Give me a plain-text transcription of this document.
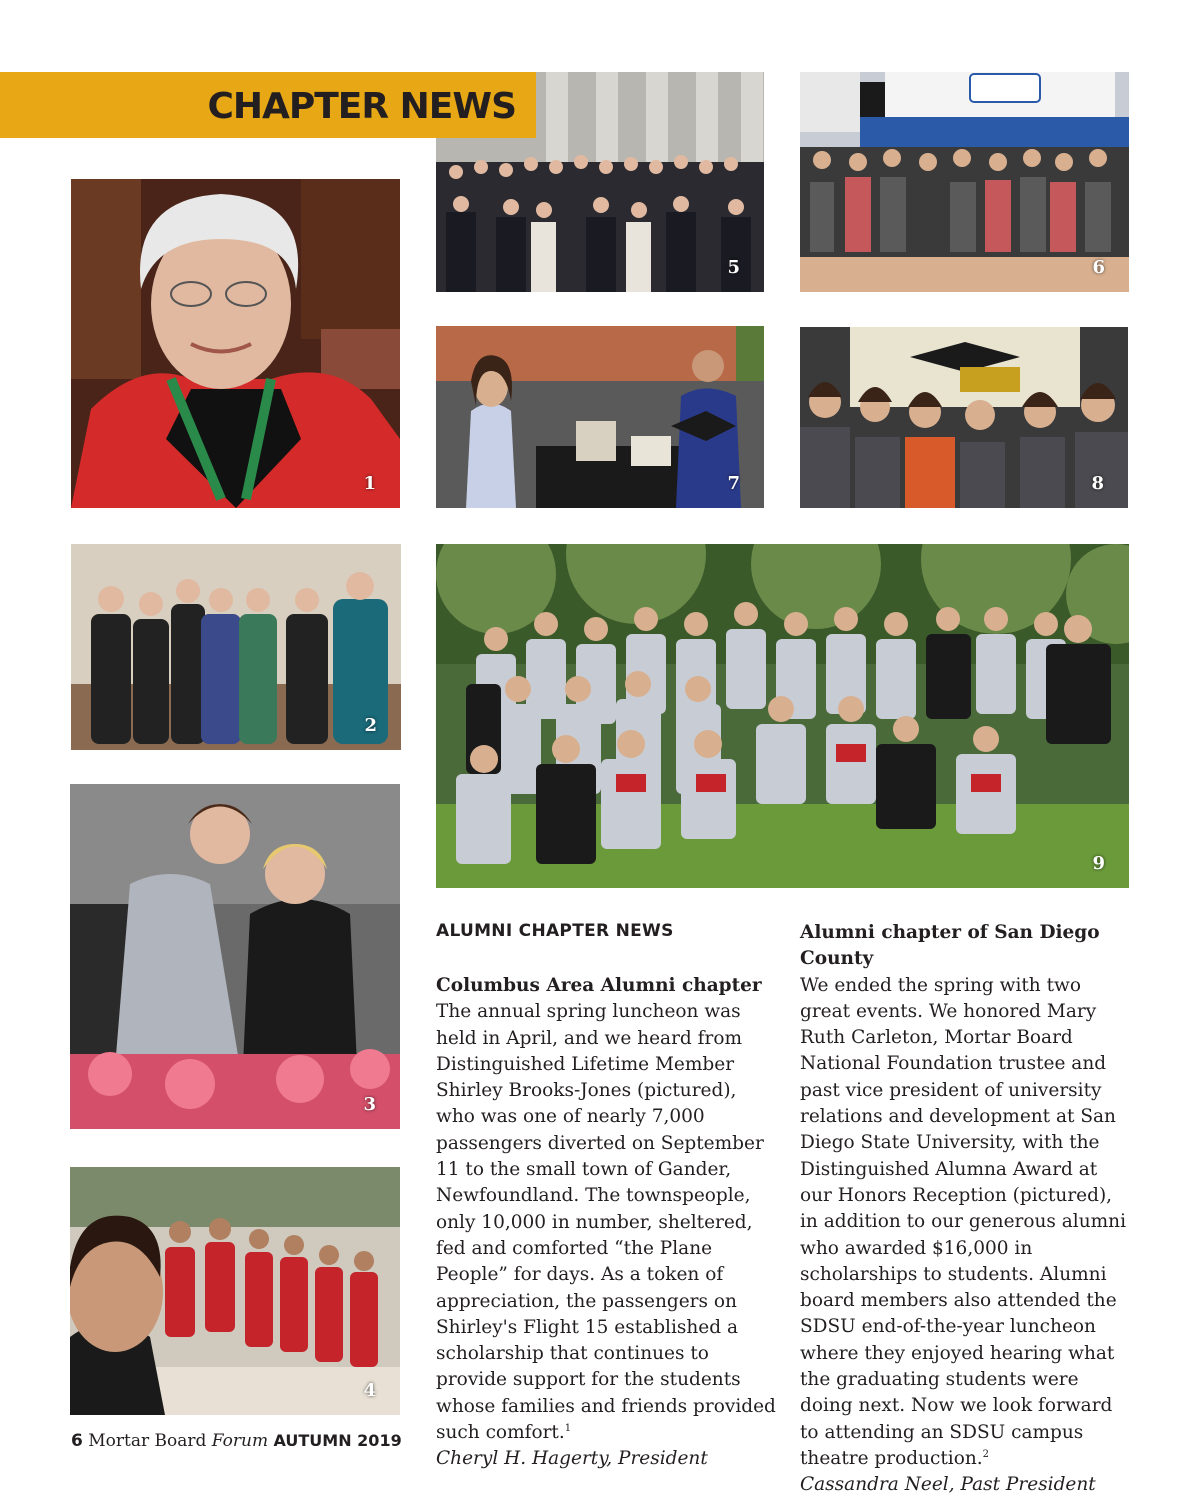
CHAPTER NEWS
1
2
3
4
5	6
7	8
9
ALUMNI CHAPTER NEWS

Columbus Area Alumni chapter

The annual spring luncheon was held in April, and we heard from Distinguished Lifetime Member Shirley Brooks-Jones (pictured), who was one of nearly 7,000 passengers diverted on September 11 to the small town of Gander, Newfoundland. The townspeople, only 10,000 in number, sheltered, fed and comforted “the Plane People” for days. As a token of appreciation, the passengers on Shirley's Flight 15 established a scholarship that continues to provide support for the students whose families and friends provided such comfort.$^1$

Cheryl H. Hagerty, President

Alumni chapter of San Diego County

We ended the spring with two great events. We honored Mary Ruth Carleton, Mortar Board National Foundation trustee and past vice president of university relations and development at San Diego State University, with the Distinguished Alumna Award at our Honors Reception (pictured), in addition to our generous alumni who awarded $16,000 in scholarships to students. Alumni board members also attended the SDSU end-of-the-year luncheon where they enjoyed hearing what the graduating students were doing next. Now we look forward to attending an SDSU campus theatre production.$^2$

Cassandra Neel, Past President

6 Mortar Board Forum AUTUMN 2019
